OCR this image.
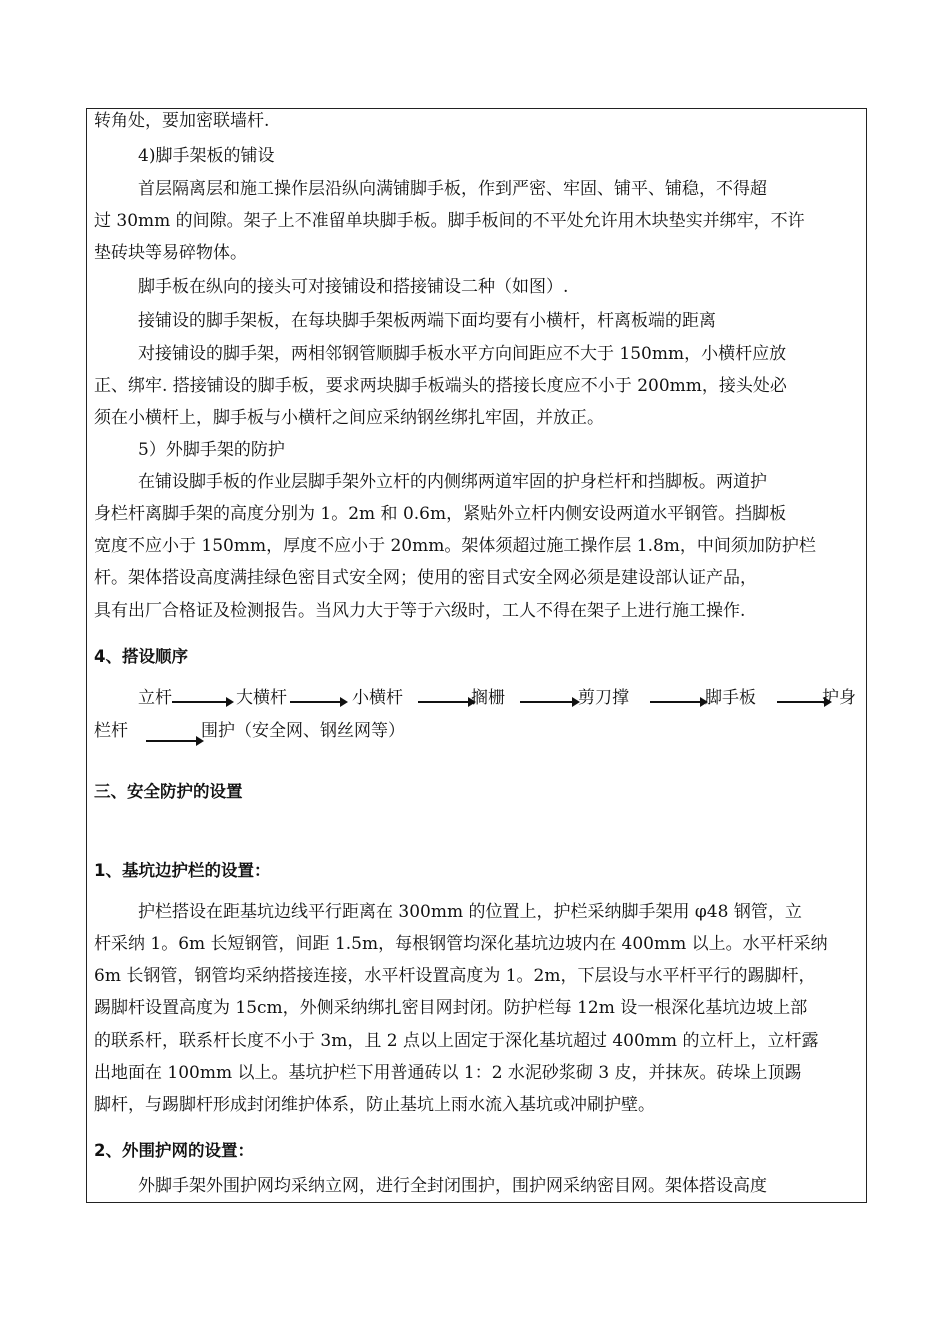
转角处，要加密联墙杆.
4)脚手架板的铺设
首层隔离层和施工操作层沿纵向满铺脚手板，作到严密、牢固、铺平、铺稳，不得超
过 30mm 的间隙。架子上不准留单块脚手板。脚手板间的不平处允许用木块垫实并绑牢，不许
垫砖块等易碎物体。
脚手板在纵向的接头可对接铺设和搭接铺设二种（如图）.
接铺设的脚手架板，在每块脚手架板两端下面均要有小横杆，杆离板端的距离
对接铺设的脚手架，两相邻钢管顺脚手板水平方向间距应不大于 150mm，小横杆应放
正、绑牢. 搭接铺设的脚手板，要求两块脚手板端头的搭接长度应不小于 200mm，接头处必
须在小横杆上，脚手板与小横杆之间应采纳钢丝绑扎牢固，并放正。
5）外脚手架的防护
在铺设脚手板的作业层脚手架外立杆的内侧绑两道牢固的护身栏杆和挡脚板。两道护
身栏杆离脚手架的高度分别为 1。2m 和 0.6m，紧贴外立杆内侧安设两道水平钢管。挡脚板
宽度不应小于 150mm，厚度不应小于 20mm。架体须超过施工操作层 1.8m，中间须加防护栏
杆。架体搭设高度满挂绿色密目式安全网；使用的密目式安全网必须是建设部认证产品，
具有出厂合格证及检测报告。当风力大于等于六级时，工人不得在架子上进行施工操作.
4、搭设顺序
立杆	大横杆	小横杆	搁栅	剪刀撑	脚手板	护身
栏杆	围护（安全网、钢丝网等）
三、安全防护的设置
1、基坑边护栏的设置：
护栏搭设在距基坑边线平行距离在 300mm 的位置上，护栏采纳脚手架用 φ48 钢管，立
杆采纳 1。6m 长短钢管，间距 1.5m，每根钢管均深化基坑边坡内在 400mm 以上。水平杆采纳
6m 长钢管，钢管均采纳搭接连接，水平杆设置高度为 1。2m，下层设与水平杆平行的踢脚杆，
踢脚杆设置高度为 15cm，外侧采纳绑扎密目网封闭。防护栏每 12m 设一根深化基坑边坡上部
的联系杆，联系杆长度不小于 3m，且 2 点以上固定于深化基坑超过 400mm 的立杆上，立杆露
出地面在 100mm 以上。基坑护栏下用普通砖以 1：2 水泥砂浆砌 3 皮，并抹灰。砖垛上顶踢
脚杆，与踢脚杆形成封闭维护体系，防止基坑上雨水流入基坑或冲刷护壁。
2、外围护网的设置：
外脚手架外围护网均采纳立网，进行全封闭围护，围护网采纳密目网。架体搭设高度
